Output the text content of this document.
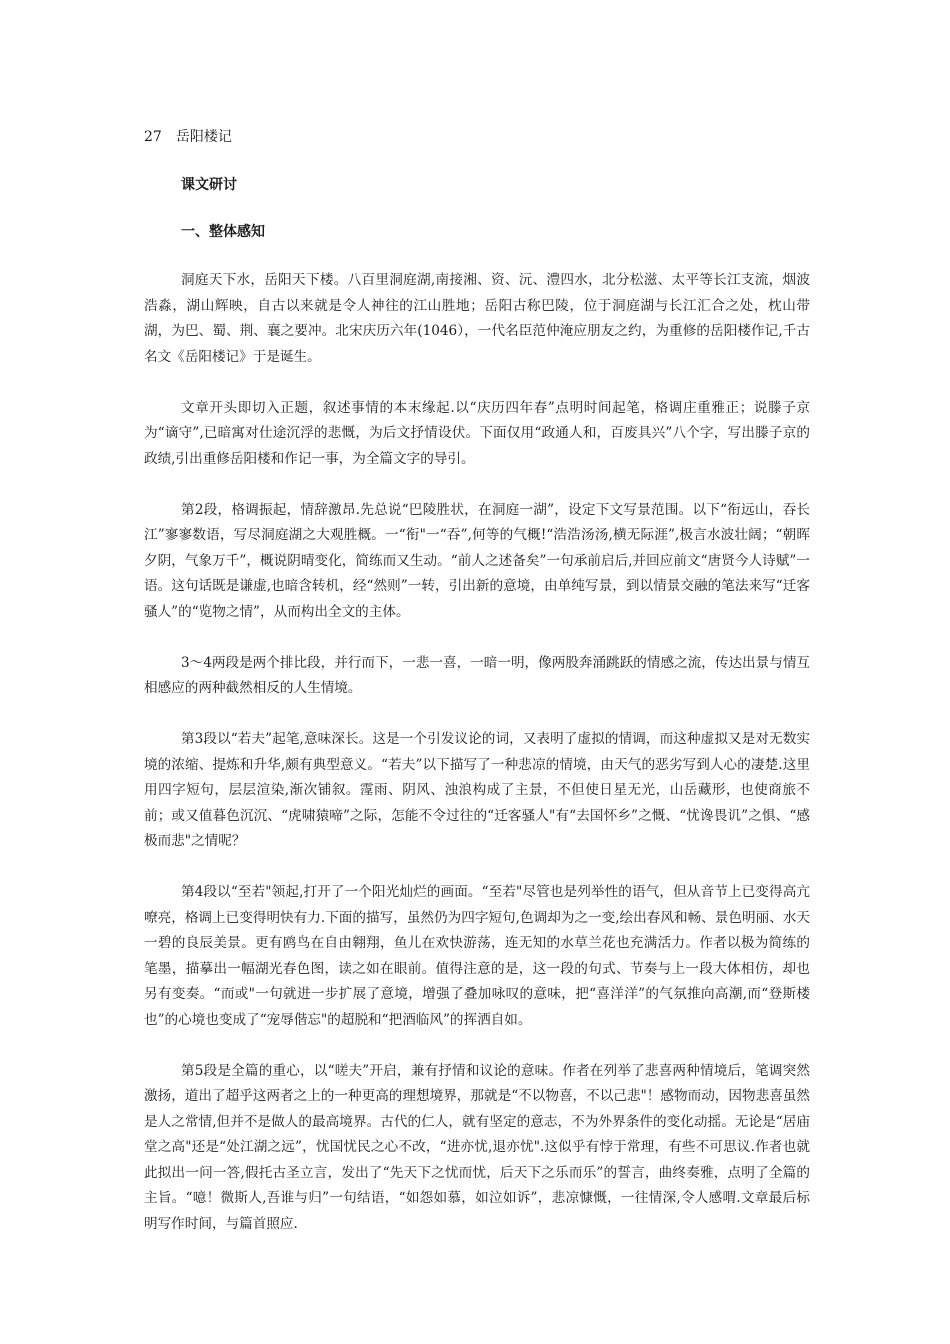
27　岳阳楼记
课文研讨
一、整体感知

洞庭天下水，岳阳天下楼。八百里洞庭湖,南接湘、资、沅、澧四水，北分松滋、太平等长江支流，烟波浩淼，湖山辉映，自古以来就是令人神往的江山胜地；岳阳古称巴陵，位于洞庭湖与长江汇合之处，枕山带湖，为巴、蜀、荆、襄之要冲。北宋庆历六年(1046），一代名臣范仲淹应朋友之约，为重修的岳阳楼作记,千古名文《岳阳楼记》于是诞生。

文章开头即切入正题，叙述事情的本末缘起.以“庆历四年春”点明时间起笔，格调庄重雅正；说滕子京为“谪守”,已暗寓对仕途沉浮的悲慨，为后文抒情设伏。下面仅用“政通人和，百废具兴”八个字，写出滕子京的政绩,引出重修岳阳楼和作记一事，为全篇文字的导引。

第2段，格调振起，情辞激昂.先总说“巴陵胜状，在洞庭一湖”，设定下文写景范围。以下“衔远山，吞长江”寥寥数语，写尽洞庭湖之大观胜概。一“衔"一“吞”,何等的气概!“浩浩汤汤,横无际涯”,极言水波壮阔；“朝晖夕阴，气象万千”，概说阴晴变化，简练而又生动。“前人之述备矣”一句承前启后,并回应前文“唐贤今人诗赋”一语。这句话既是谦虚,也暗含转机，经“然则”一转，引出新的意境，由单纯写景，到以情景交融的笔法来写“迁客骚人”的“览物之情”，从而构出全文的主体。

3～4两段是两个排比段，并行而下，一悲一喜，一暗一明，像两股奔涌跳跃的情感之流，传达出景与情互相感应的两种截然相反的人生情境。

第3段以“若夫”起笔,意味深长。这是一个引发议论的词，又表明了虚拟的情调，而这种虚拟又是对无数实境的浓缩、提炼和升华,颇有典型意义。“若夫”以下描写了一种悲凉的情境，由天气的恶劣写到人心的凄楚.这里用四字短句，层层渲染,渐次铺叙。霪雨、阴风、浊浪构成了主景，不但使日星无光，山岳藏形，也使商旅不前；或又值暮色沉沉、“虎啸猿啼”之际，怎能不令过往的“迁客骚人"有“去国怀乡”之慨、“忧谗畏讥”之惧、“感极而悲"之情呢？

第4段以“至若"领起,打开了一个阳光灿烂的画面。“至若"尽管也是列举性的语气，但从音节上已变得高亢嘹亮，格调上已变得明快有力.下面的描写，虽然仍为四字短句,色调却为之一变,绘出春风和畅、景色明丽、水天一碧的良辰美景。更有鸥鸟在自由翱翔，鱼儿在欢快游荡，连无知的水草兰花也充满活力。作者以极为简练的笔墨，描摹出一幅湖光春色图，读之如在眼前。值得注意的是，这一段的句式、节奏与上一段大体相仿，却也另有变奏。“而或"一句就进一步扩展了意境，增强了叠加咏叹的意味，把“喜洋洋”的气氛推向高潮,而“登斯楼也”的心境也变成了“宠辱偕忘"的超脱和“把酒临风”的挥洒自如。

第5段是全篇的重心，以“嗟夫”开启，兼有抒情和议论的意味。作者在列举了悲喜两种情境后，笔调突然激扬，道出了超乎这两者之上的一种更高的理想境界，那就是“不以物喜，不以己悲"！感物而动，因物悲喜虽然是人之常情,但并不是做人的最高境界。古代的仁人，就有坚定的意志，不为外界条件的变化动摇。无论是“居庙堂之高"还是“处江湖之远”，忧国忧民之心不改，“进亦忧,退亦忧".这似乎有悖于常理，有些不可思议.作者也就此拟出一问一答,假托古圣立言，发出了“先天下之忧而忧，后天下之乐而乐”的誓言，曲终奏雅，点明了全篇的主旨。“噫！微斯人,吾谁与归”一句结语，“如怨如慕，如泣如诉”，悲凉慷慨，一往情深,令人感喟.文章最后标明写作时间，与篇首照应.
